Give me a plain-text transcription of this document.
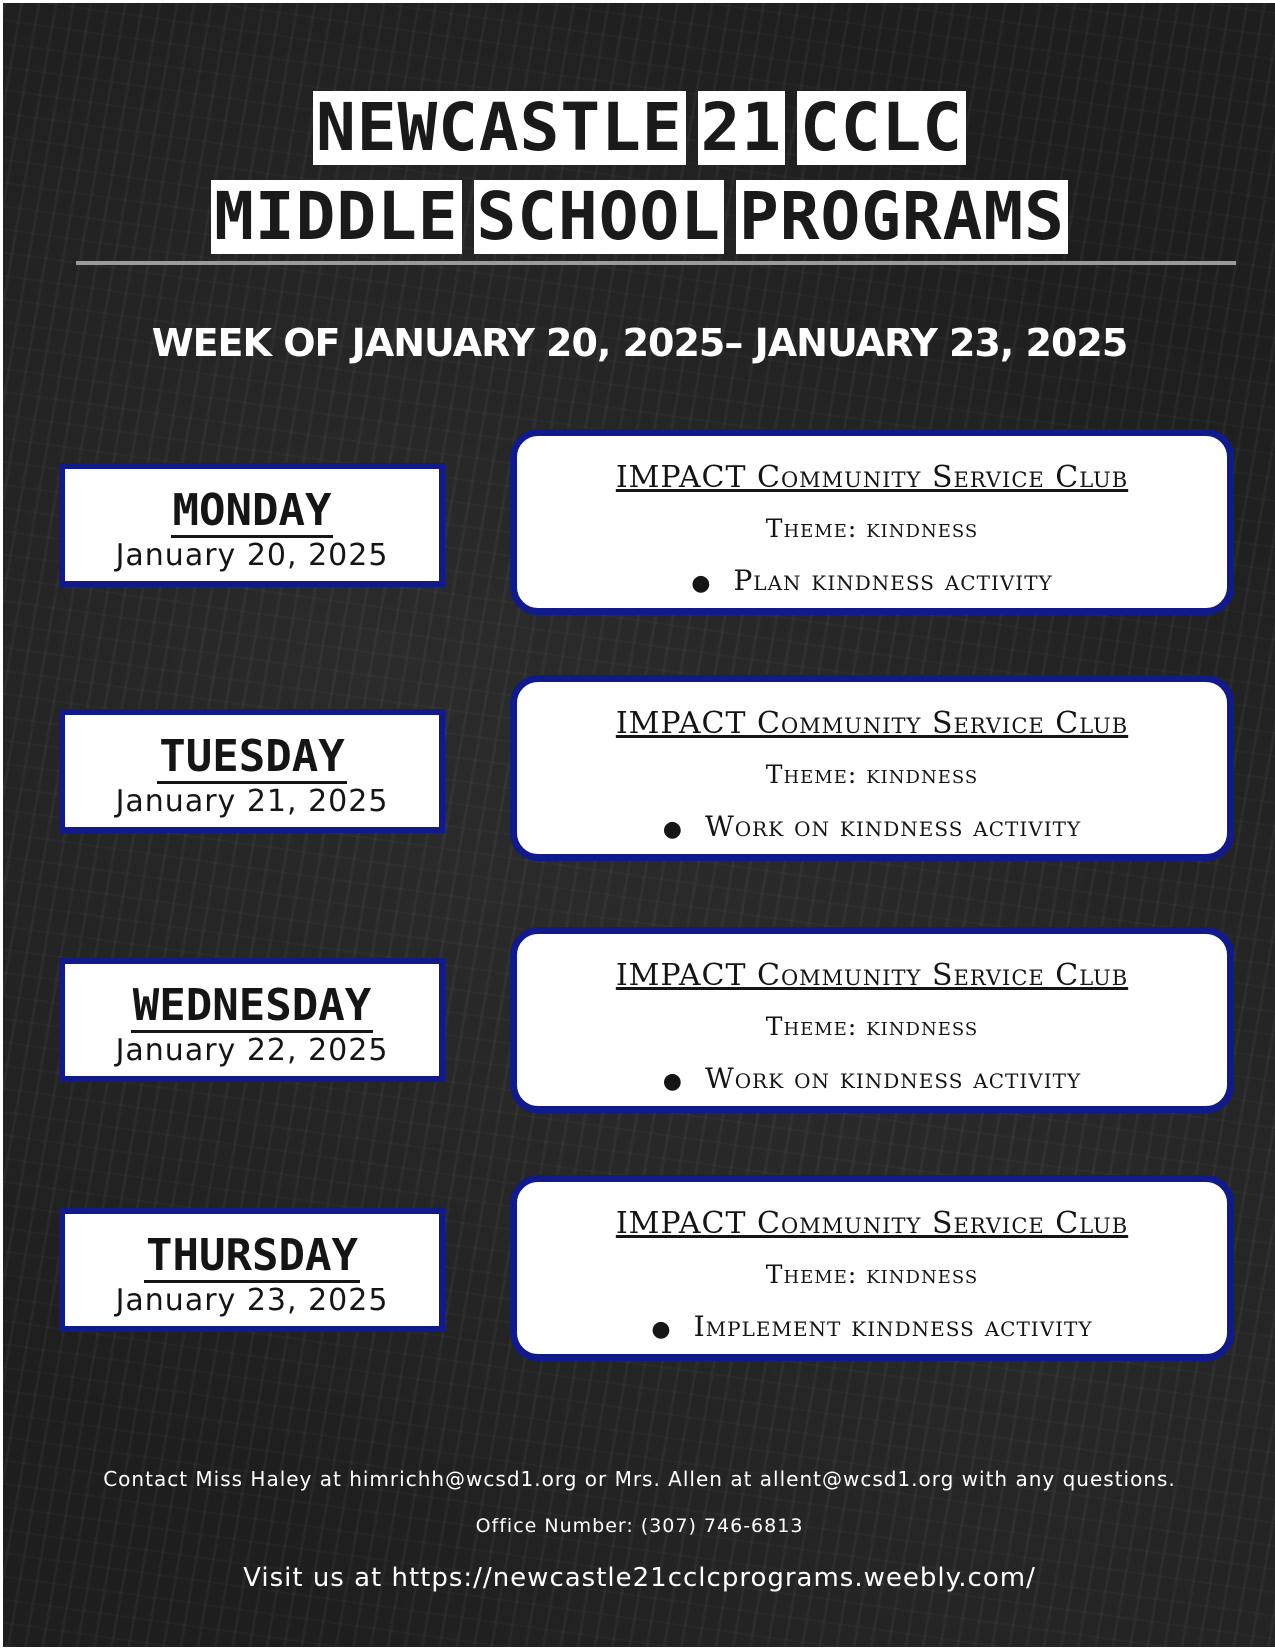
NEWCASTLE 21 CCLC
MIDDLE SCHOOL PROGRAMS
WEEK OF JANUARY 20, 2025– JANUARY 23, 2025
MONDAY
January 20, 2025
IMPACT Community Service Club
Theme: kindness
● Plan kindness activity
TUESDAY
January 21, 2025
IMPACT Community Service Club
Theme: kindness
● Work on kindness activity
WEDNESDAY
January 22, 2025
IMPACT Community Service Club
Theme: kindness
● Work on kindness activity
THURSDAY
January 23, 2025
IMPACT Community Service Club
Theme: kindness
● Implement kindness activity
Contact Miss Haley at himrichh@wcsd1.org or Mrs. Allen at allent@wcsd1.org with any questions.
Office Number: (307) 746-6813
Visit us at https://newcastle21cclcprograms.weebly.com/
